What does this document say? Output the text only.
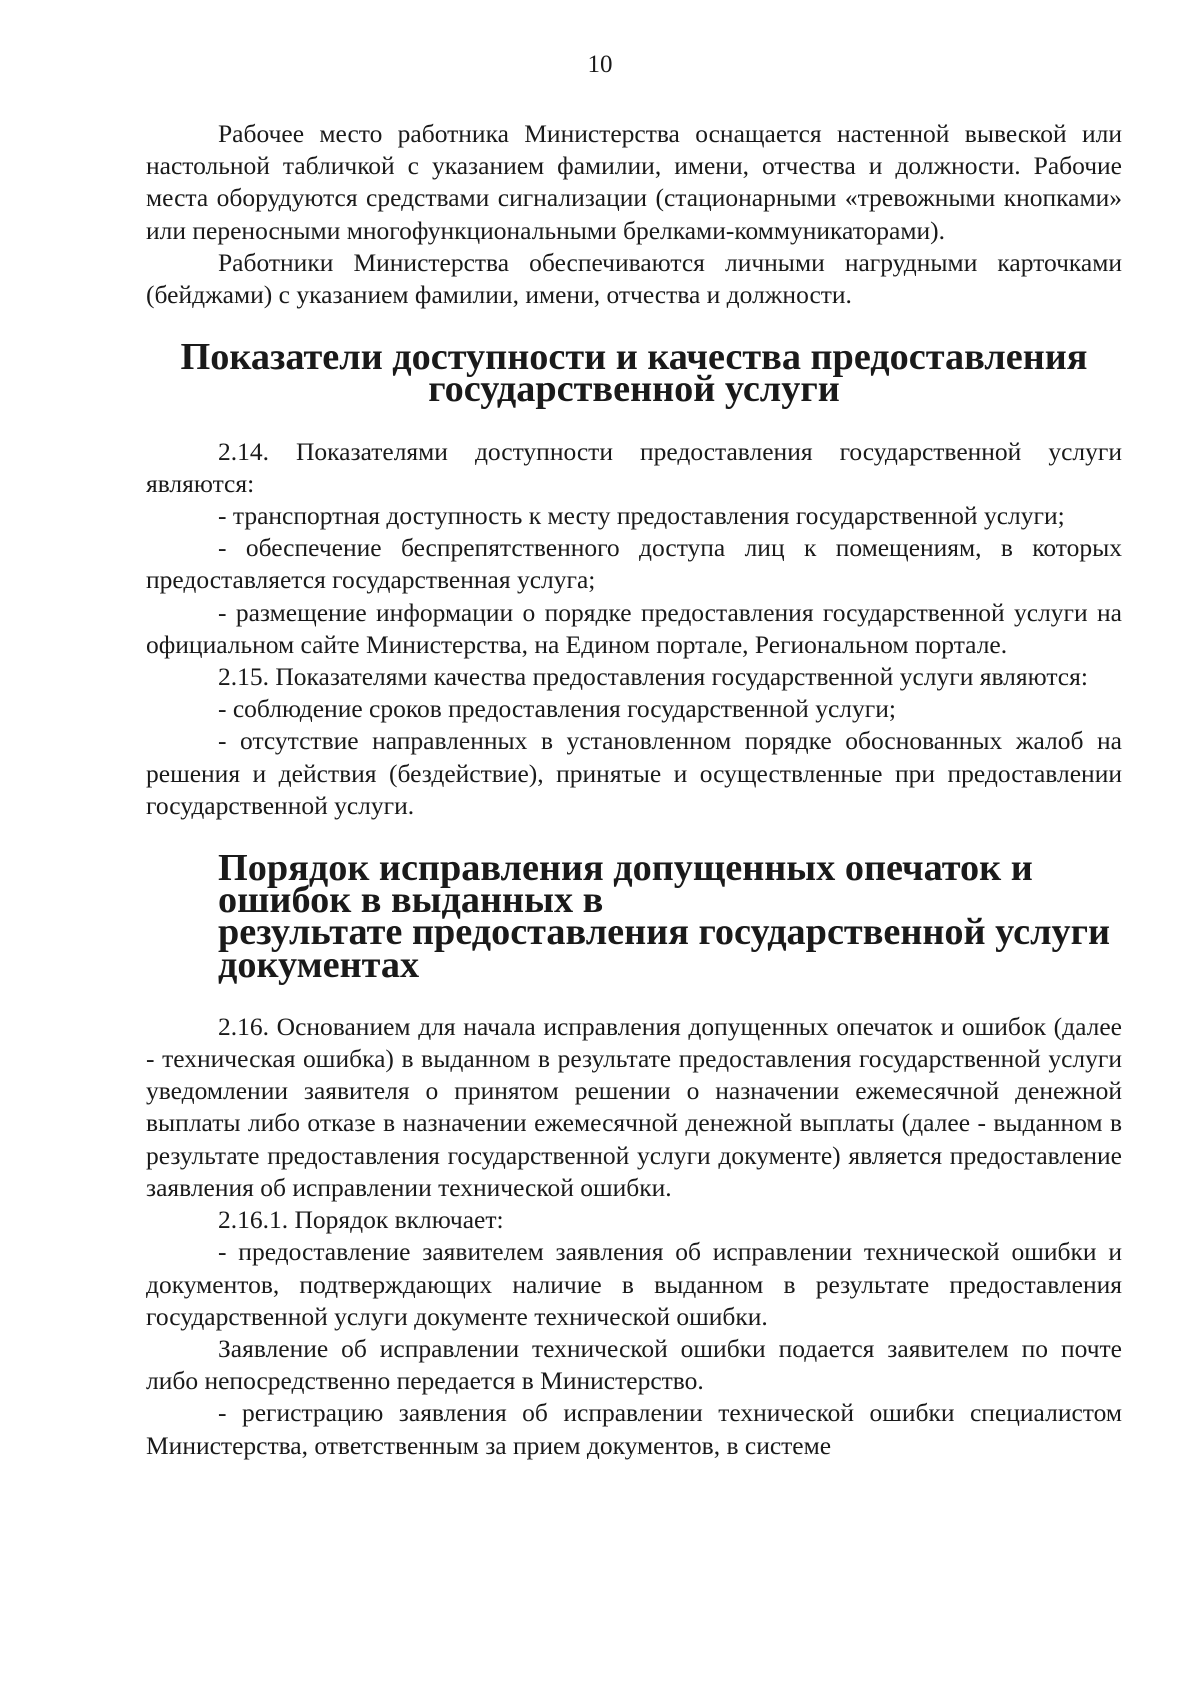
10

Рабочее место работника Министерства оснащается настенной вывеской или настольной табличкой с указанием фамилии, имени, отчества и должности. Рабочие места оборудуются средствами сигнализации (стационарными «тревожными кнопками» или переносными многофункциональными брелками-коммуникаторами).

Работники Министерства обеспечиваются личными нагрудными карточками (бейджами) с указанием фамилии, имени, отчества и должности.

Показатели доступности и качества предоставления
государственной услуги

2.14. Показателями доступности предоставления государственной услуги являются:

- транспортная доступность к месту предоставления государственной услуги;

- обеспечение беспрепятственного доступа лиц к помещениям, в которых предоставляется государственная услуга;

- размещение информации о порядке предоставления государственной услуги на официальном сайте Министерства, на Едином портале, Региональном портале.

2.15. Показателями качества предоставления государственной услуги являются:

- соблюдение сроков предоставления государственной услуги;

- отсутствие направленных в установленном порядке обоснованных жалоб на решения и действия (бездействие), принятые и осуществленные при предоставлении государственной услуги.

Порядок исправления допущенных опечаток и ошибок в выданных в
результате предоставления государственной услуги документах

2.16. Основанием для начала исправления допущенных опечаток и ошибок (далее - техническая ошибка) в выданном в результате предоставления государственной услуги уведомлении заявителя о принятом решении о назначении ежемесячной денежной выплаты либо отказе в назначении ежемесячной денежной выплаты (далее - выданном в результате предоставления государственной услуги документе) является предоставление заявления об исправлении технической ошибки.

2.16.1. Порядок включает:

- предоставление заявителем заявления об исправлении технической ошибки и документов, подтверждающих наличие в выданном в результате предоставления государственной услуги документе технической ошибки.

Заявление об исправлении технической ошибки подается заявителем по почте либо непосредственно передается в Министерство.

- регистрацию заявления об исправлении технической ошибки специалистом Министерства, ответственным за прием документов, в системе
